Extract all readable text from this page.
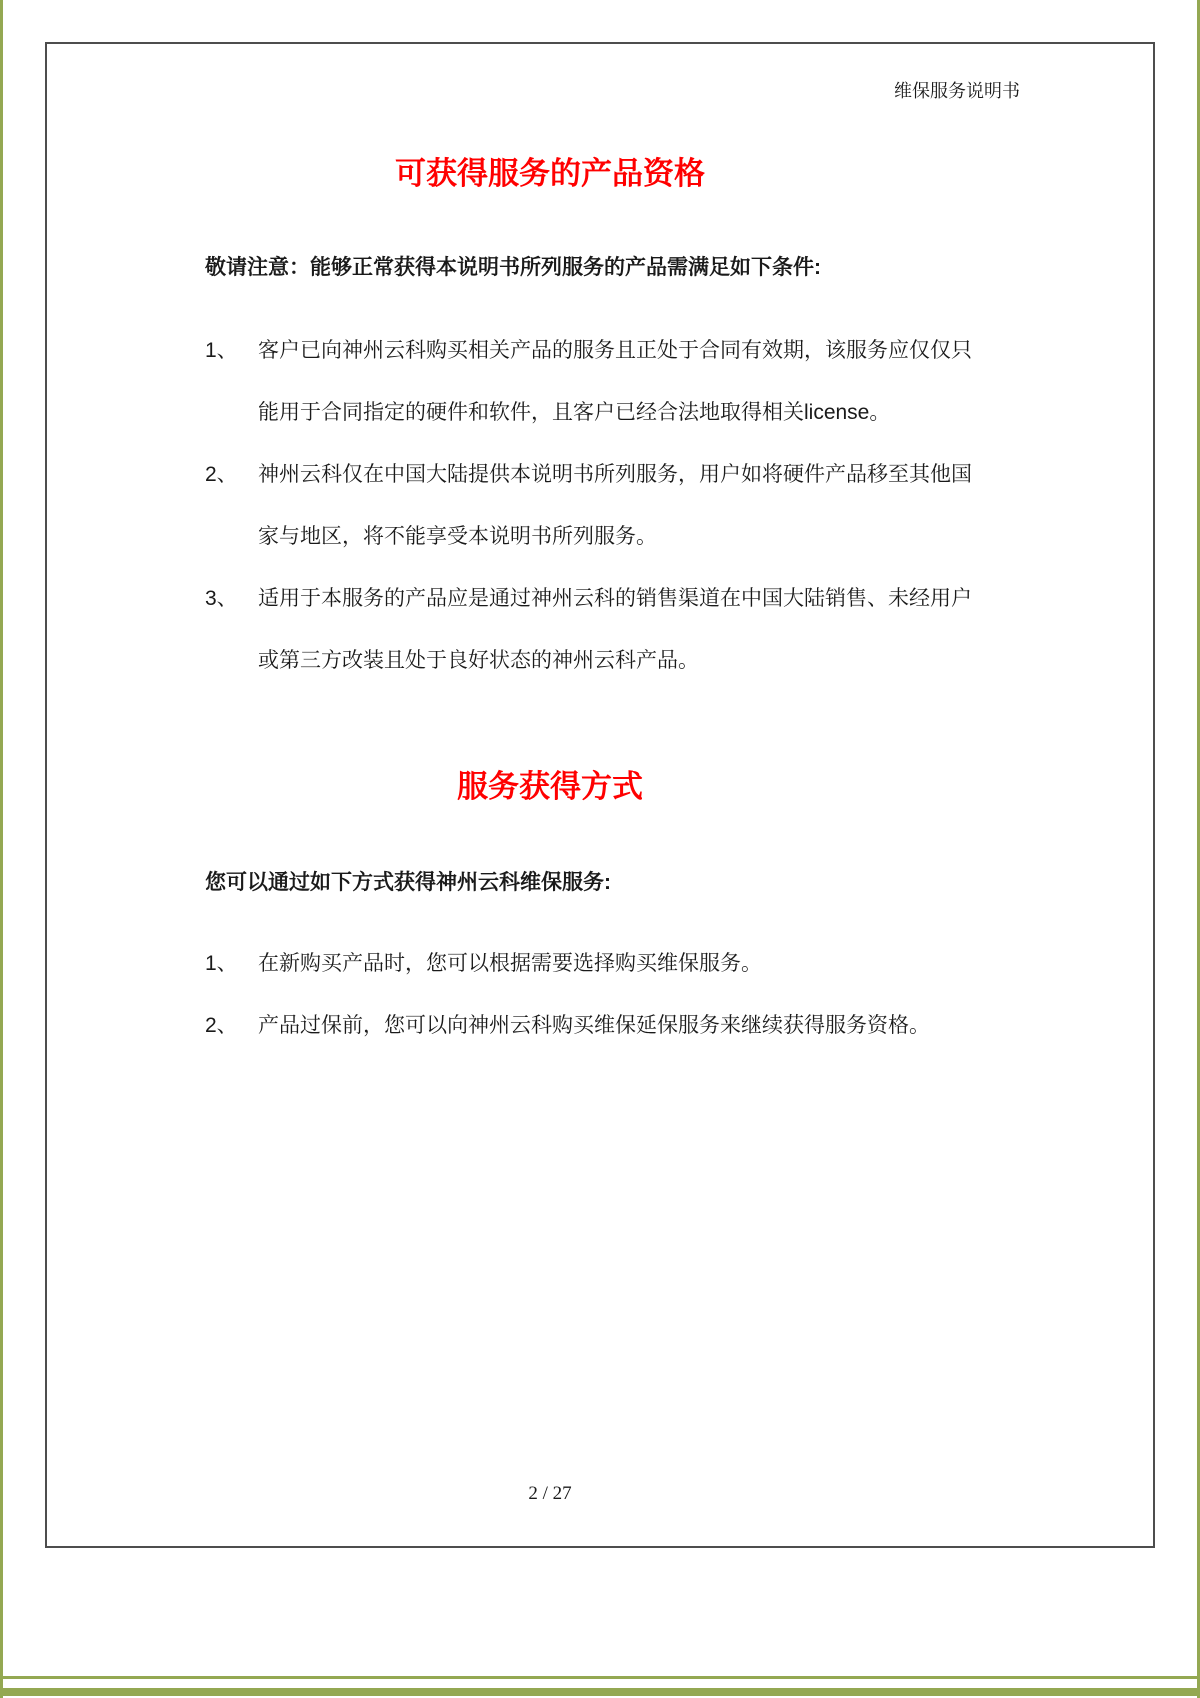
维保服务说明书
可获得服务的产品资格

敬请注意：能够正常获得本说明书所列服务的产品需满足如下条件:

1、 客户已向神州云科购买相关产品的服务且正处于合同有效期，该服务应仅仅只
能用于合同指定的硬件和软件，且客户已经合法地取得相关license。
2、 神州云科仅在中国大陆提供本说明书所列服务，用户如将硬件产品移至其他国
家与地区，将不能享受本说明书所列服务。
3、 适用于本服务的产品应是通过神州云科的销售渠道在中国大陆销售、未经用户
或第三方改装且处于良好状态的神州云科产品。
服务获得方式

您可以通过如下方式获得神州云科维保服务:

1、 在新购买产品时，您可以根据需要选择购买维保服务。
2、 产品过保前，您可以向神州云科购买维保延保服务来继续获得服务资格。
2 / 27
